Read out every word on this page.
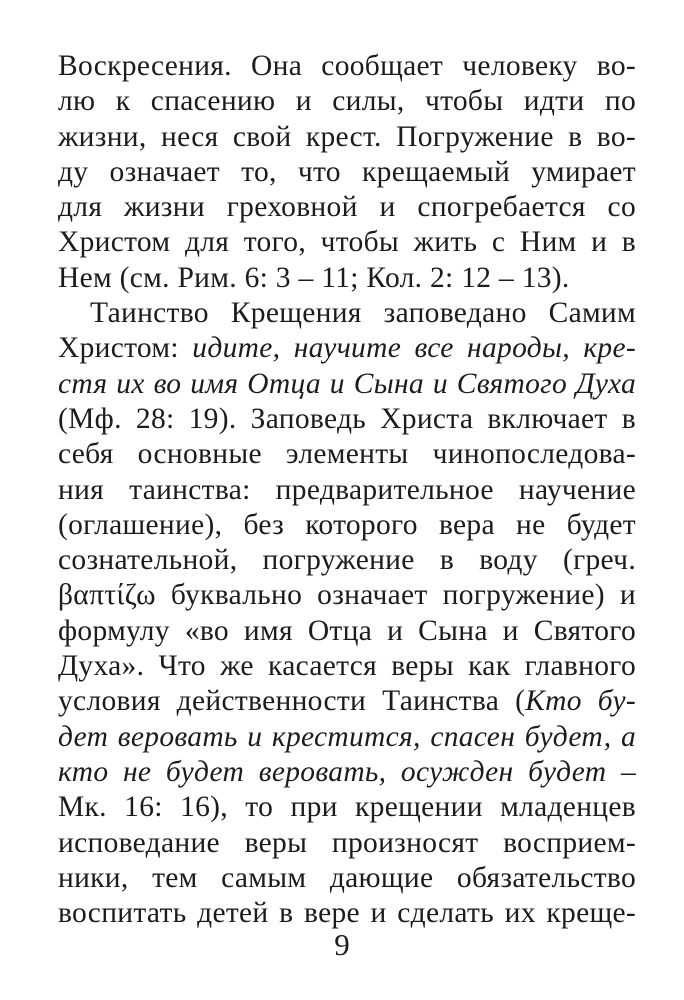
Воскресения. Она сообщает человеку во-
лю к спасению и силы, чтобы идти по
жизни, неся свой крест. Погружение в во-
ду означает то, что крещаемый умирает
для жизни греховной и спогребается со
Христом для того, чтобы жить с Ним и в
Нем (см. Рим. 6: 3 – 11; Кол. 2: 12 – 13).
Таинство Крещения заповедано Самим
Христом: идите, научите все народы, кре-
стя их во имя Отца и Сына и Святого Духа
(Мф. 28: 19). Заповедь Христа включает в
себя основные элементы чинопоследова-
ния таинства: предварительное научение
(оглашение), без которого вера не будет
сознательной, погружение в воду (греч.
βαπτίζω буквально означает погружение) и
формулу «во имя Отца и Сына и Святого
Духа». Что же касается веры как главного
условия действенности Таинства (Кто бу-
дет веровать и крестится, спасен будет, а
кто не будет веровать, осужден будет –
Мк. 16: 16), то при крещении младенцев
исповедание веры произносят восприем-
ники, тем самым дающие обязательство
воспитать детей в вере и сделать их креще-
9
